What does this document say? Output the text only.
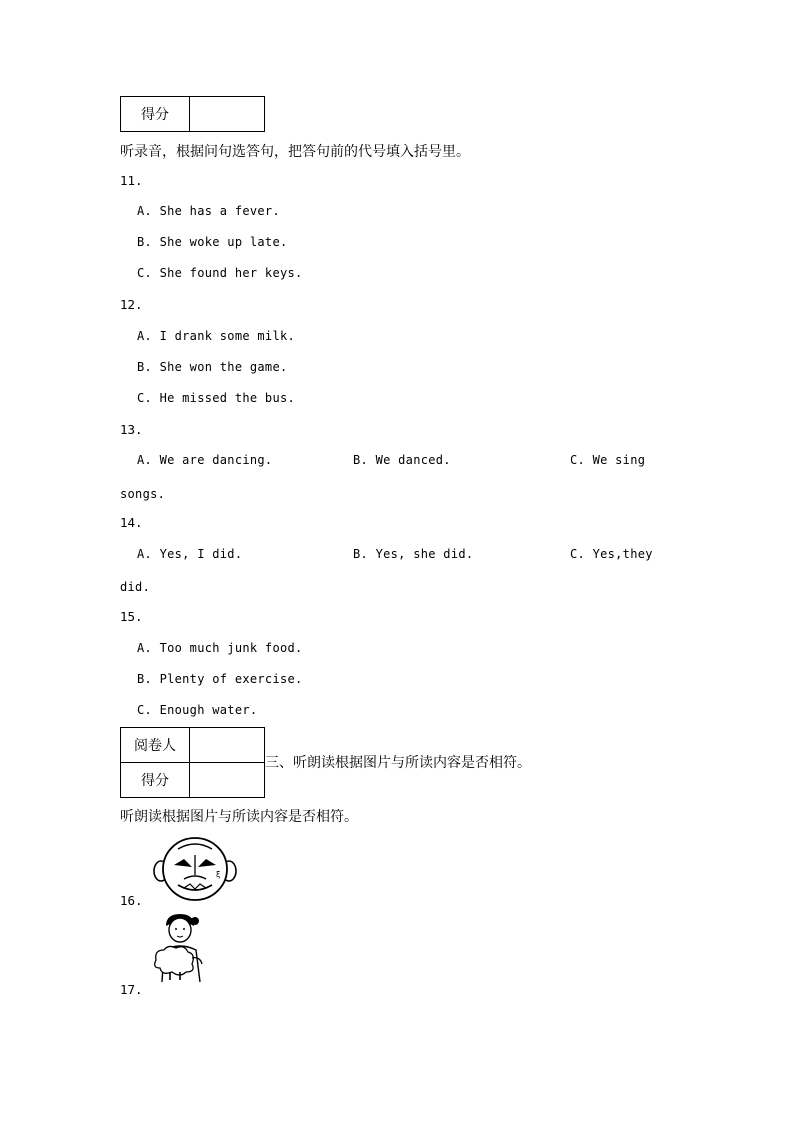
得分	
听录音，根据问句选答句，把答句前的代号填入括号里。
11.
A. She has a fever.
B. She woke up late.
C. She found her keys.
12.
A. I drank some milk.
B. She won the game.
C. He missed the bus.
13.
A. We are dancing.	B. We danced.	C. We sing
songs.
14.
A. Yes, I did.	B. Yes, she did.	C. Yes,they
did.
15.
A. Too much junk food.
B. Plenty of exercise.
C. Enough water.
阅卷人	
得分	
三、听朗读根据图片与所读内容是否相符。
听朗读根据图片与所读内容是否相符。
ξ
16.
17.
